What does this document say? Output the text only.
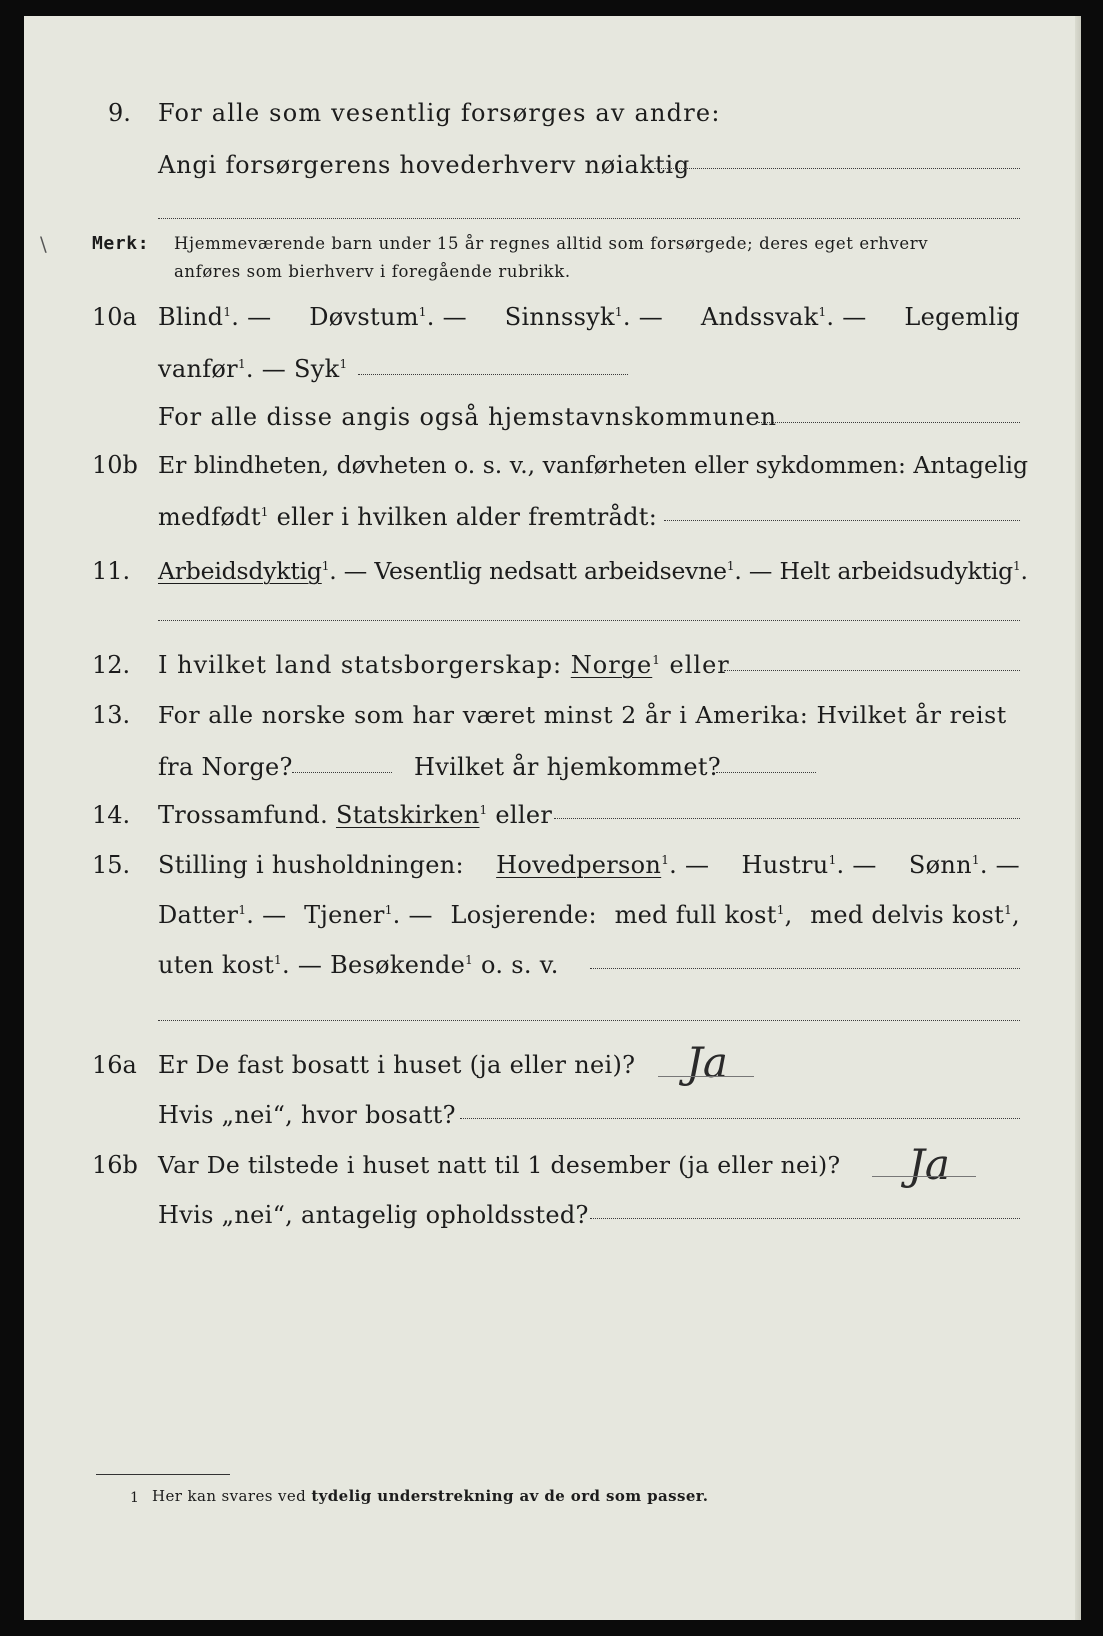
9. For alle som vesentlig forsørges av andre:
Angi forsørgerens hovederhverv nøiaktig
\	Merk: Hjemmeværende barn under 15 år regnes alltid som forsørgede; deres eget erhverv
anføres som bierhverv i foregående rubrikk.
10a Blind$^1$. — Døvstum$^1$. — Sinnssyk$^1$. — Andssvak$^1$. — Legemlig
vanfør$^1$. — Syk$^1$
For alle disse angis også hjemstavnskommunen
10b Er blindheten, døvheten o. s. v., vanførheten eller sykdommen: Antagelig
medfødt$^1$ eller i hvilken alder fremtrådt:
11. Arbeidsdyktig$^1$. — Vesentlig nedsatt arbeidsevne$^1$. — Helt arbeidsudyktig$^1$.
12. I hvilket land statsborgerskap: Norge$^1$ eller
13. For alle norske som har været minst 2 år i Amerika: Hvilket år reist
fra Norge?	Hvilket år hjemkommet?
14. Trossamfund. Statskirken$^1$ eller
15. Stilling i husholdningen: Hovedperson$^1$. — Hustru$^1$. — Sønn$^1$. —
Datter$^1$. — Tjener$^1$. — Losjerende: med full kost$^1$, med delvis kost$^1$,
uten kost$^1$. — Besøkende$^1$ o. s. v.
16a Er De fast bosatt i huset (ja eller nei)? Ja
Hvis „nei“, hvor bosatt?
16b Var De tilstede i huset natt til 1 desember (ja eller nei)? Ja
Hvis „nei“, antagelig opholdssted?
1 Her kan svares ved tydelig understrekning av de ord som passer.
